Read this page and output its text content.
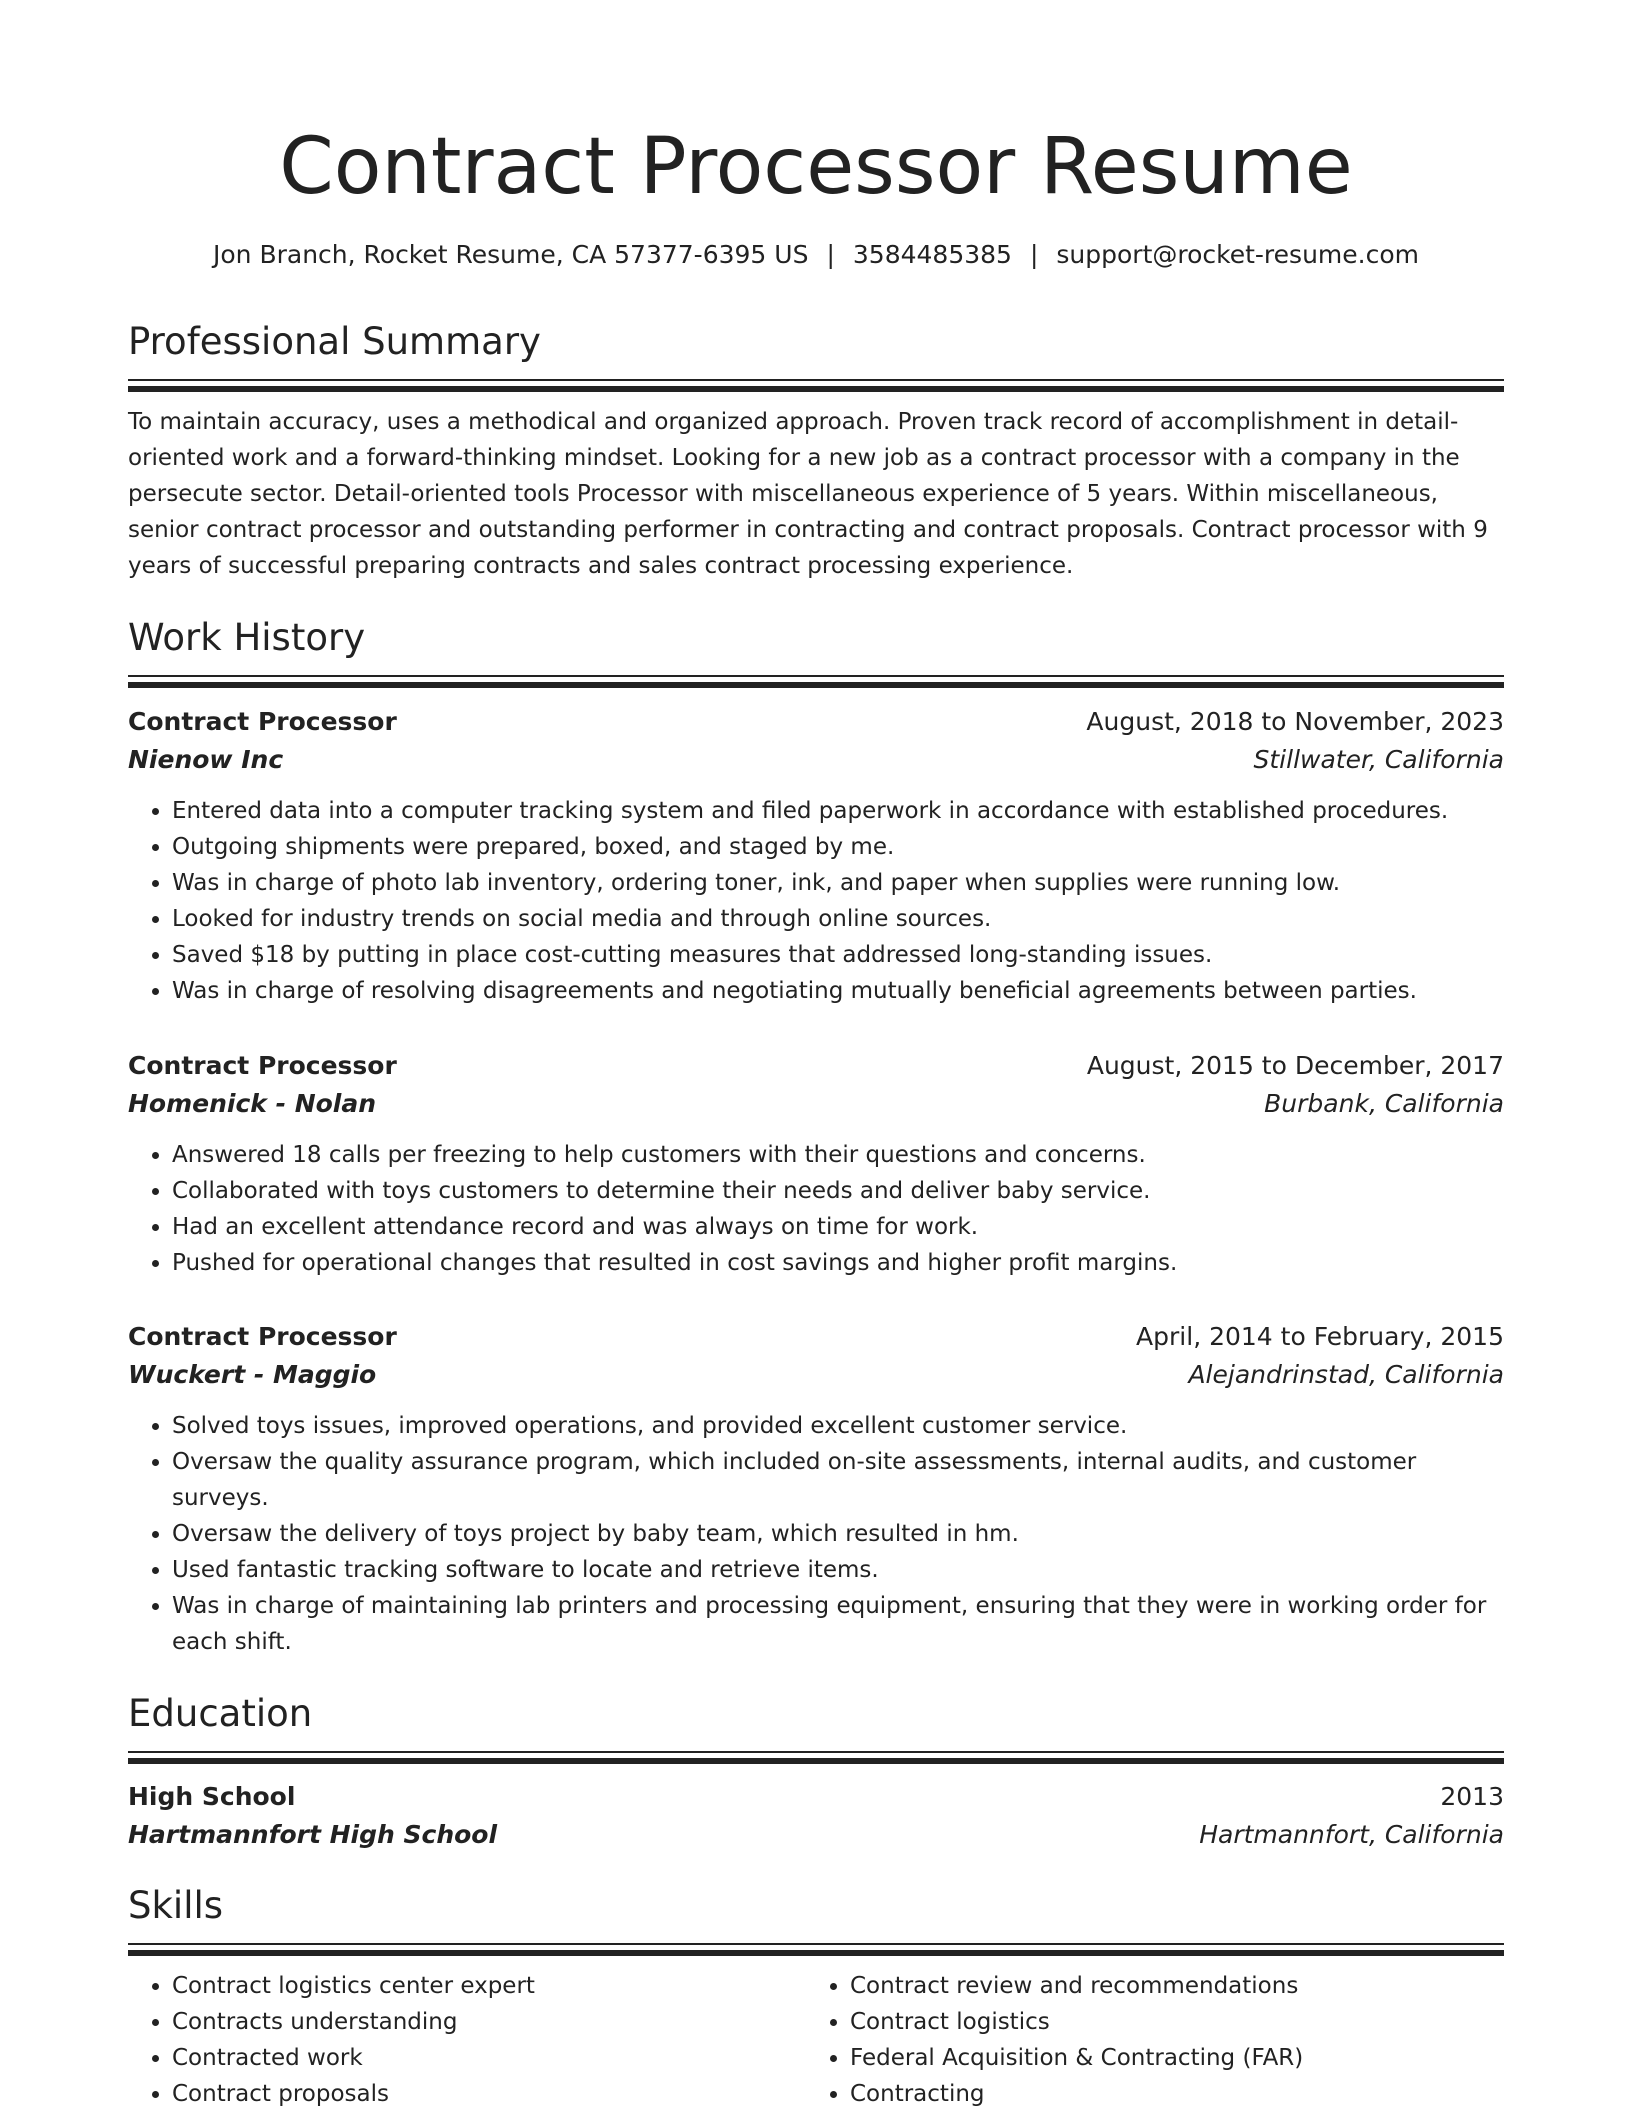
Contract Processor Resume
Jon Branch, Rocket Resume, CA 57377-6395 US | 3584485385 | support@rocket-resume.com
Professional Summary

To maintain accuracy, uses a methodical and organized approach. Proven track record of accomplishment in detail-oriented work and a forward-thinking mindset. Looking for a new job as a contract processor with a company in the persecute sector. Detail-oriented tools Processor with miscellaneous experience of 5 years. Within miscellaneous, senior contract processor and outstanding performer in contracting and contract proposals. Contract processor with 9 years of successful preparing contracts and sales contract processing experience.

Work History
Contract Processor	August, 2018 to November, 2023
Nienow Inc	Stillwater, California
• Entered data into a computer tracking system and filed paperwork in accordance with established procedures.
• Outgoing shipments were prepared, boxed, and staged by me.
• Was in charge of photo lab inventory, ordering toner, ink, and paper when supplies were running low.
• Looked for industry trends on social media and through online sources.
• Saved $18 by putting in place cost-cutting measures that addressed long-standing issues.
• Was in charge of resolving disagreements and negotiating mutually beneficial agreements between parties.
Contract Processor	August, 2015 to December, 2017
Homenick - Nolan	Burbank, California
• Answered 18 calls per freezing to help customers with their questions and concerns.
• Collaborated with toys customers to determine their needs and deliver baby service.
• Had an excellent attendance record and was always on time for work.
• Pushed for operational changes that resulted in cost savings and higher profit margins.
Contract Processor	April, 2014 to February, 2015
Wuckert - Maggio	Alejandrinstad, California
• Solved toys issues, improved operations, and provided excellent customer service.
• Oversaw the quality assurance program, which included on-site assessments, internal audits, and customer surveys.
• Oversaw the delivery of toys project by baby team, which resulted in hm.
• Used fantastic tracking software to locate and retrieve items.
• Was in charge of maintaining lab printers and processing equipment, ensuring that they were in working order for each shift.
Education
High School	2013
Hartmannfort High School	Hartmannfort, California
Skills
• Contract logistics center expert
• Contracts understanding
• Contracted work
• Contract proposals
• Contract review and recommendations
• Contract logistics
• Federal Acquisition & Contracting (FAR)
• Contracting
